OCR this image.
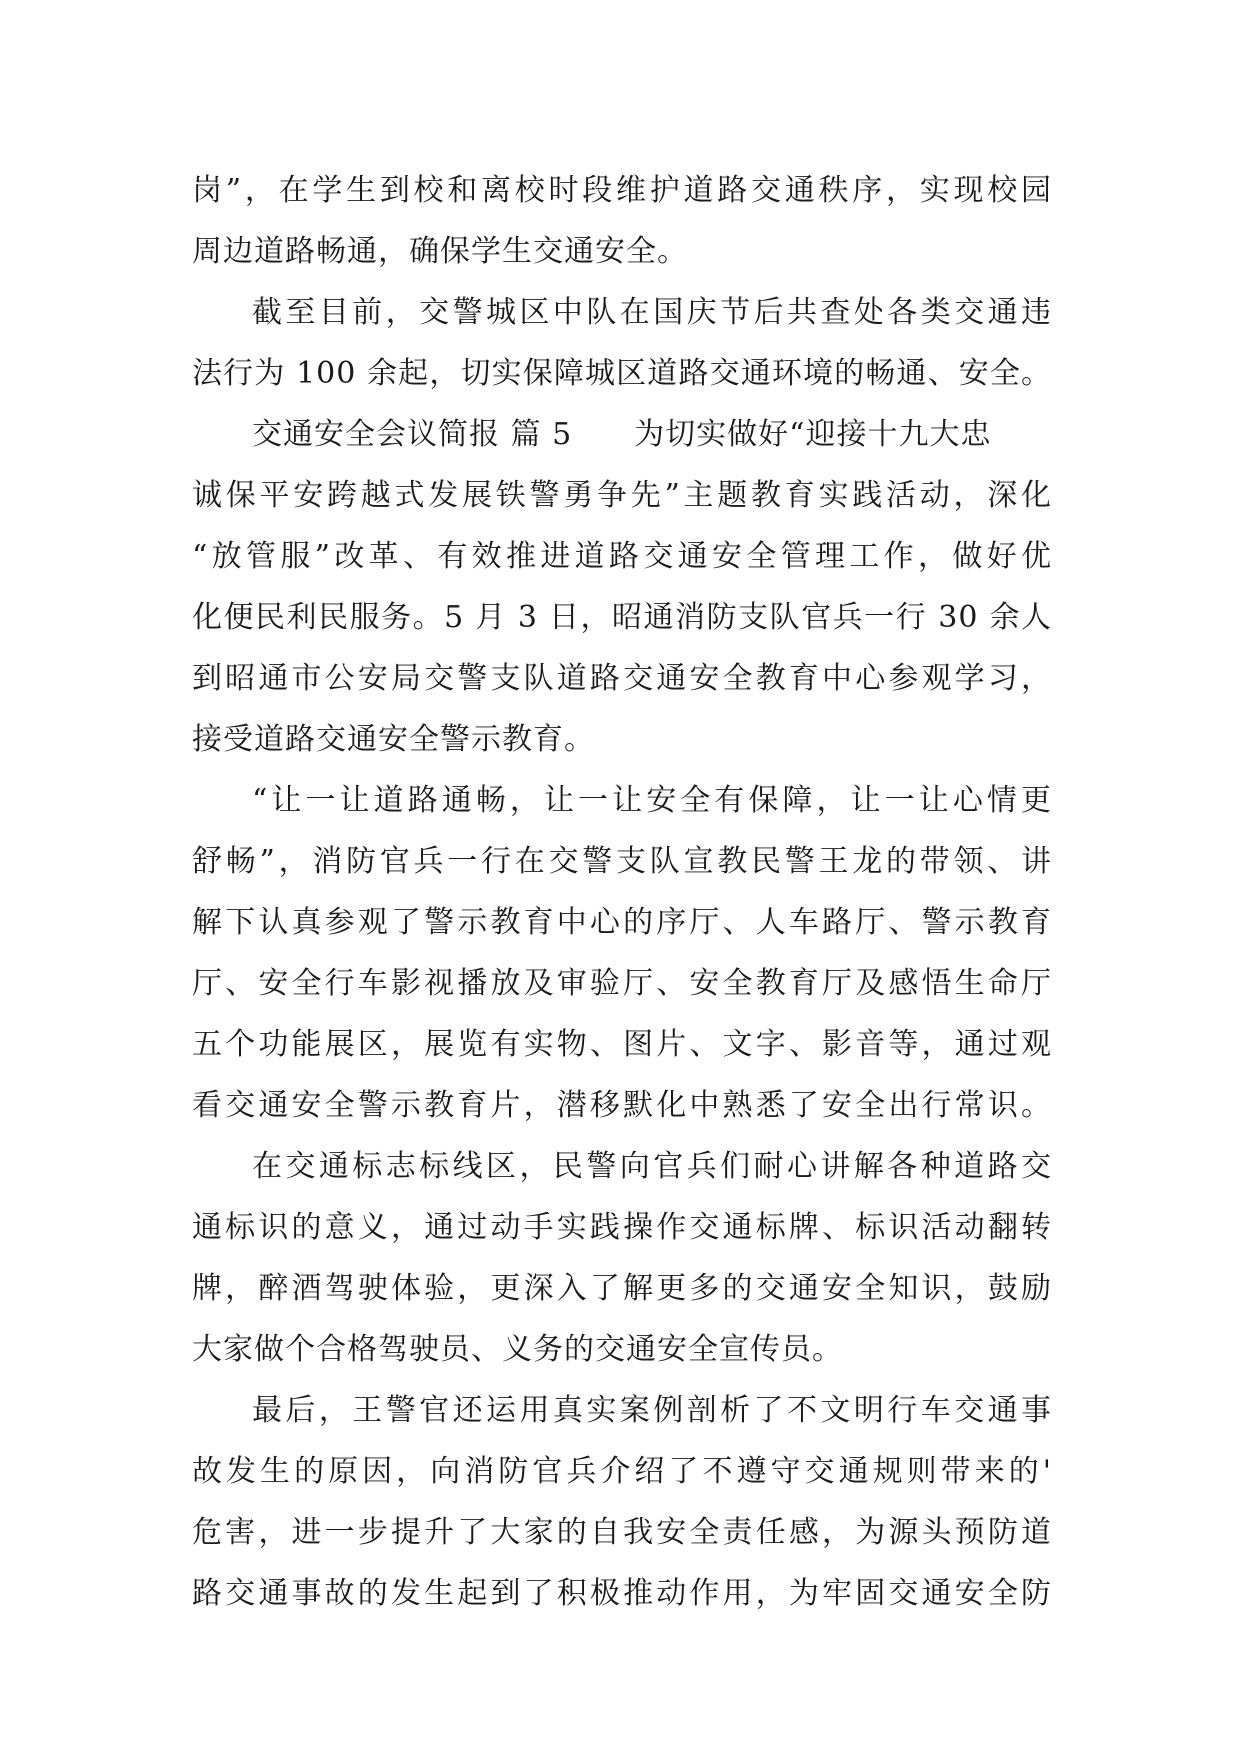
岗”，在学生到校和离校时段维护道路交通秩序，实现校园
周边道路畅通，确保学生交通安全。
截至目前，交警城区中队在国庆节后共查处各类交通违
法行为 100 余起，切实保障城区道路交通环境的畅通、安全。
交通安全会议简报 篇 5 为切实做好“迎接十九大忠
诚保平安跨越式发展铁警勇争先”主题教育实践活动，深化
“放管服”改革、有效推进道路交通安全管理工作，做好优
化便民利民服务。5 月 3 日，昭通消防支队官兵一行 30 余人
到昭通市公安局交警支队道路交通安全教育中心参观学习，
接受道路交通安全警示教育。
“让一让道路通畅，让一让安全有保障，让一让心情更
舒畅”，消防官兵一行在交警支队宣教民警王龙的带领、讲
解下认真参观了警示教育中心的序厅、人车路厅、警示教育
厅、安全行车影视播放及审验厅、安全教育厅及感悟生命厅
五个功能展区，展览有实物、图片、文字、影音等，通过观
看交通安全警示教育片，潜移默化中熟悉了安全出行常识。
在交通标志标线区，民警向官兵们耐心讲解各种道路交
通标识的意义，通过动手实践操作交通标牌、标识活动翻转
牌，醉酒驾驶体验，更深入了解更多的交通安全知识，鼓励
大家做个合格驾驶员、义务的交通安全宣传员。
最后，王警官还运用真实案例剖析了不文明行车交通事
故发生的原因，向消防官兵介绍了不遵守交通规则带来的'
危害，进一步提升了大家的自我安全责任感，为源头预防道
路交通事故的发生起到了积极推动作用，为牢固交通安全防
